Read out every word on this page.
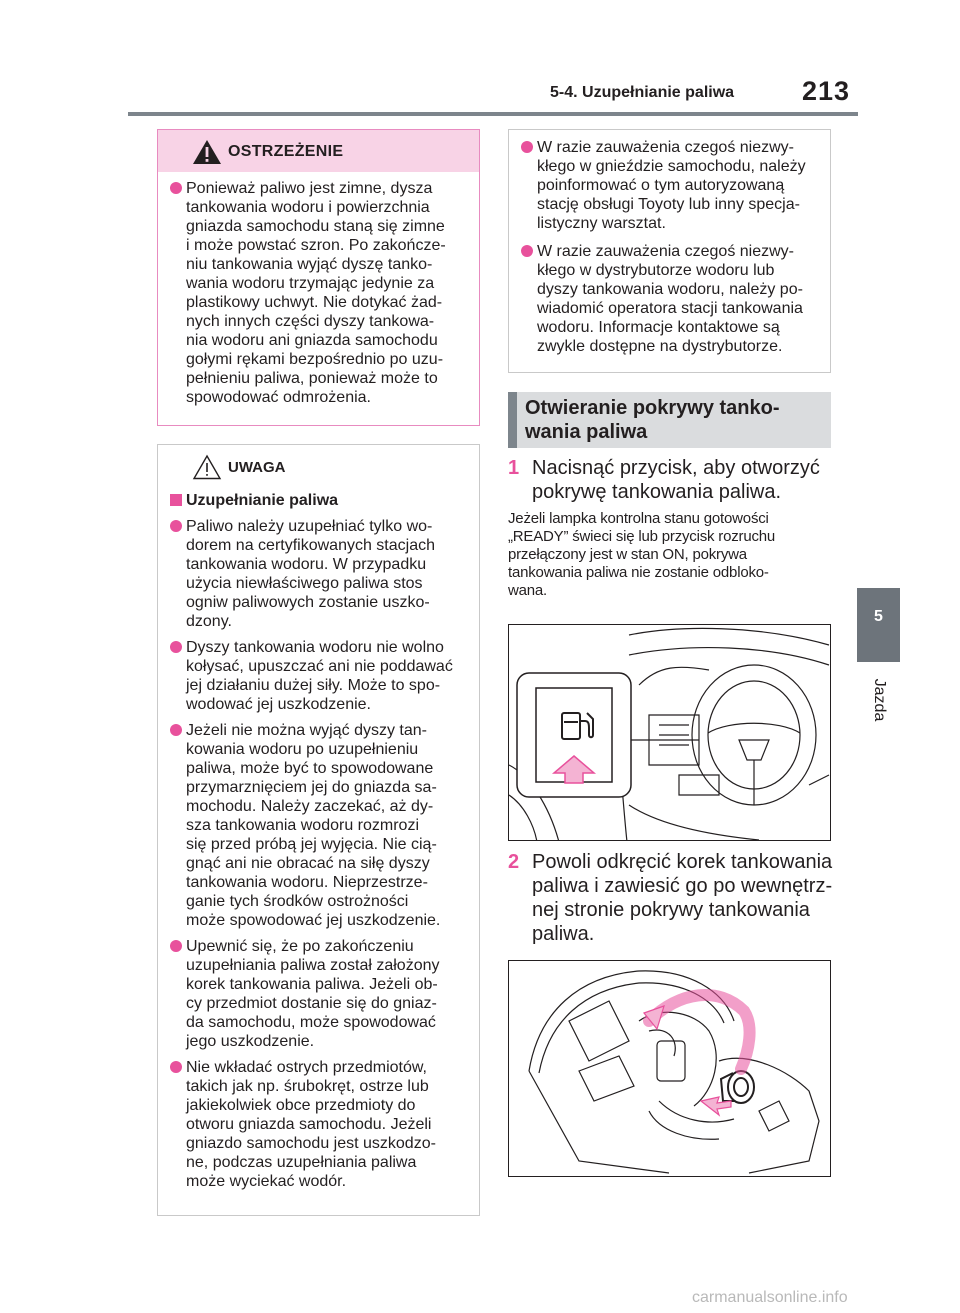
5-4. Uzupełnianie paliwa	213
5
Jazda
OSTRZEŻENIE
Ponieważ paliwo jest zimne, dysza
tankowania wodoru i powierzchnia
gniazda samochodu staną się zimne
i może powstać szron. Po zakończe-
niu tankowania wyjąć dyszę tanko-
wania wodoru trzymając jedynie za
plastikowy uchwyt. Nie dotykać żad-
nych innych części dyszy tankowa-
nia wodoru ani gniazda samochodu
gołymi rękami bezpośrednio po uzu-
pełnieniu paliwa, ponieważ może to
spowodować odmrożenia.
UWAGA
Uzupełnianie paliwa
Paliwo należy uzupełniać tylko wo-
dorem na certyfikowanych stacjach
tankowania wodoru. W przypadku
użycia niewłaściwego paliwa stos
ogniw paliwowych zostanie uszko-
dzony.
Dyszy tankowania wodoru nie wolno
kołysać, upuszczać ani nie poddawać
jej działaniu dużej siły. Może to spo-
wodować jej uszkodzenie.
Jeżeli nie można wyjąć dyszy tan-
kowania wodoru po uzupełnieniu
paliwa, może być to spowodowane
przymarznięciem jej do gniazda sa-
mochodu. Należy zaczekać, aż dy-
sza tankowania wodoru rozmrozi
się przed próbą jej wyjęcia. Nie cią-
gnąć ani nie obracać na siłę dyszy
tankowania wodoru. Nieprzestrze-
ganie tych środków ostrożności
może spowodować jej uszkodzenie.
Upewnić się, że po zakończeniu
uzupełniania paliwa został założony
korek tankowania paliwa. Jeżeli ob-
cy przedmiot dostanie się do gniaz-
da samochodu, może spowodować
jego uszkodzenie.
Nie wkładać ostrych przedmiotów,
takich jak np. śrubokręt, ostrze lub
jakiekolwiek obce przedmioty do
otworu gniazda samochodu. Jeżeli
gniazdo samochodu jest uszkodzo-
ne, podczas uzupełniania paliwa
może wyciekać wodór.
W razie zauważenia czegoś niezwy-
kłego w gnieździe samochodu, należy
poinformować o tym autoryzowaną
stację obsługi Toyoty lub inny specja-
listyczny warsztat.
W razie zauważenia czegoś niezwy-
kłego w dystrybutorze wodoru lub
dyszy tankowania wodoru, należy po-
wiadomić operatora stacji tankowania
wodoru. Informacje kontaktowe są
zwykle dostępne na dystrybutorze.
Otwieranie pokrywy tanko-
wania paliwa
1 Nacisnąć przycisk, aby otworzyć
pokrywę tankowania paliwa.
Jeżeli lampka kontrolna stanu gotowości
„READY” świeci się lub przycisk rozruchu
przełączony jest w stan ON, pokrywa
tankowania paliwa nie zostanie odbloko-
wana.
2 Powoli odkręcić korek tankowania
paliwa i zawiesić go po wewnętrz-
nej stronie pokrywy tankowania
paliwa.
carmanualsonline.info
